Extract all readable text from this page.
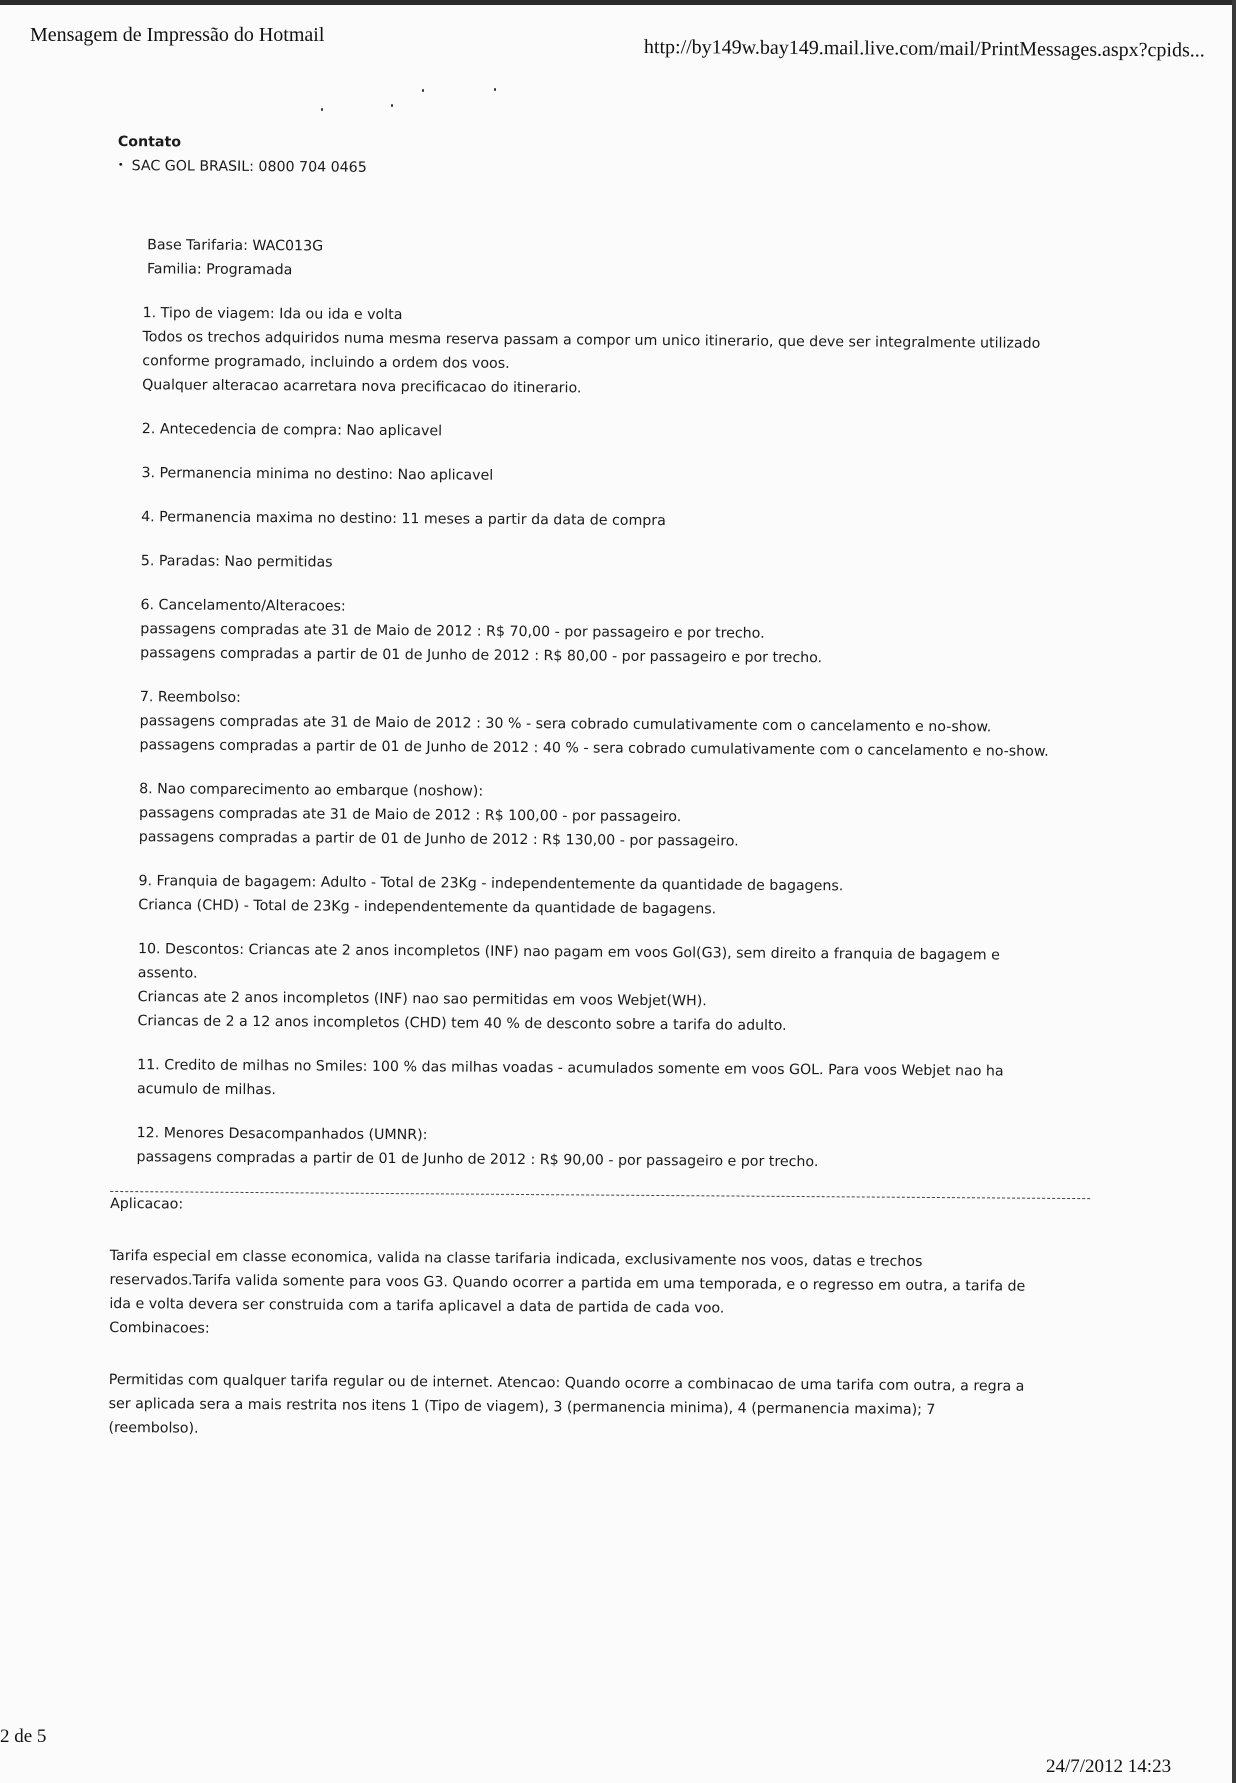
Mensagem de Impressão do Hotmail
http://by149w.bay149.mail.live.com/mail/PrintMessages.aspx?cpids...

Contato

• SAC GOL BRASIL: 0800 704 0465

Base Tarifaria: WAC013G

Familia: Programada

1. Tipo de viagem: Ida ou ida e volta

Todos os trechos adquiridos numa mesma reserva passam a compor um unico itinerario, que deve ser integralmente utilizado

conforme programado, incluindo a ordem dos voos.

Qualquer alteracao acarretara nova precificacao do itinerario.

2. Antecedencia de compra: Nao aplicavel

3. Permanencia minima no destino: Nao aplicavel

4. Permanencia maxima no destino: 11 meses a partir da data de compra

5. Paradas: Nao permitidas

6. Cancelamento/Alteracoes:

passagens compradas ate 31 de Maio de 2012 : R$ 70,00 - por passageiro e por trecho.

passagens compradas a partir de 01 de Junho de 2012 : R$ 80,00 - por passageiro e por trecho.

7. Reembolso:

passagens compradas ate 31 de Maio de 2012 : 30 % - sera cobrado cumulativamente com o cancelamento e no-show.

passagens compradas a partir de 01 de Junho de 2012 : 40 % - sera cobrado cumulativamente com o cancelamento e no-show.

8. Nao comparecimento ao embarque (noshow):

passagens compradas ate 31 de Maio de 2012 : R$ 100,00 - por passageiro.

passagens compradas a partir de 01 de Junho de 2012 : R$ 130,00 - por passageiro.

9. Franquia de bagagem: Adulto - Total de 23Kg - independentemente da quantidade de bagagens.

Crianca (CHD) - Total de 23Kg - independentemente da quantidade de bagagens.

10. Descontos: Criancas ate 2 anos incompletos (INF) nao pagam em voos Gol(G3), sem direito a franquia de bagagem e

assento.

Criancas ate 2 anos incompletos (INF) nao sao permitidas em voos Webjet(WH).

Criancas de 2 a 12 anos incompletos (CHD) tem 40 % de desconto sobre a tarifa do adulto.

11. Credito de milhas no Smiles: 100 % das milhas voadas - acumulados somente em voos GOL. Para voos Webjet nao ha

acumulo de milhas.

12. Menores Desacompanhados (UMNR):

passagens compradas a partir de 01 de Junho de 2012 : R$ 90,00 - por passageiro e por trecho.

Aplicacao:

Tarifa especial em classe economica, valida na classe tarifaria indicada, exclusivamente nos voos, datas e trechos

reservados.Tarifa valida somente para voos G3. Quando ocorrer a partida em uma temporada, e o regresso em outra, a tarifa de

ida e volta devera ser construida com a tarifa aplicavel a data de partida de cada voo.

Combinacoes:

Permitidas com qualquer tarifa regular ou de internet. Atencao: Quando ocorre a combinacao de uma tarifa com outra, a regra a

ser aplicada sera a mais restrita nos itens 1 (Tipo de viagem), 3 (permanencia minima), 4 (permanencia maxima); 7

(reembolso).

2 de 5
24/7/2012 14:23
